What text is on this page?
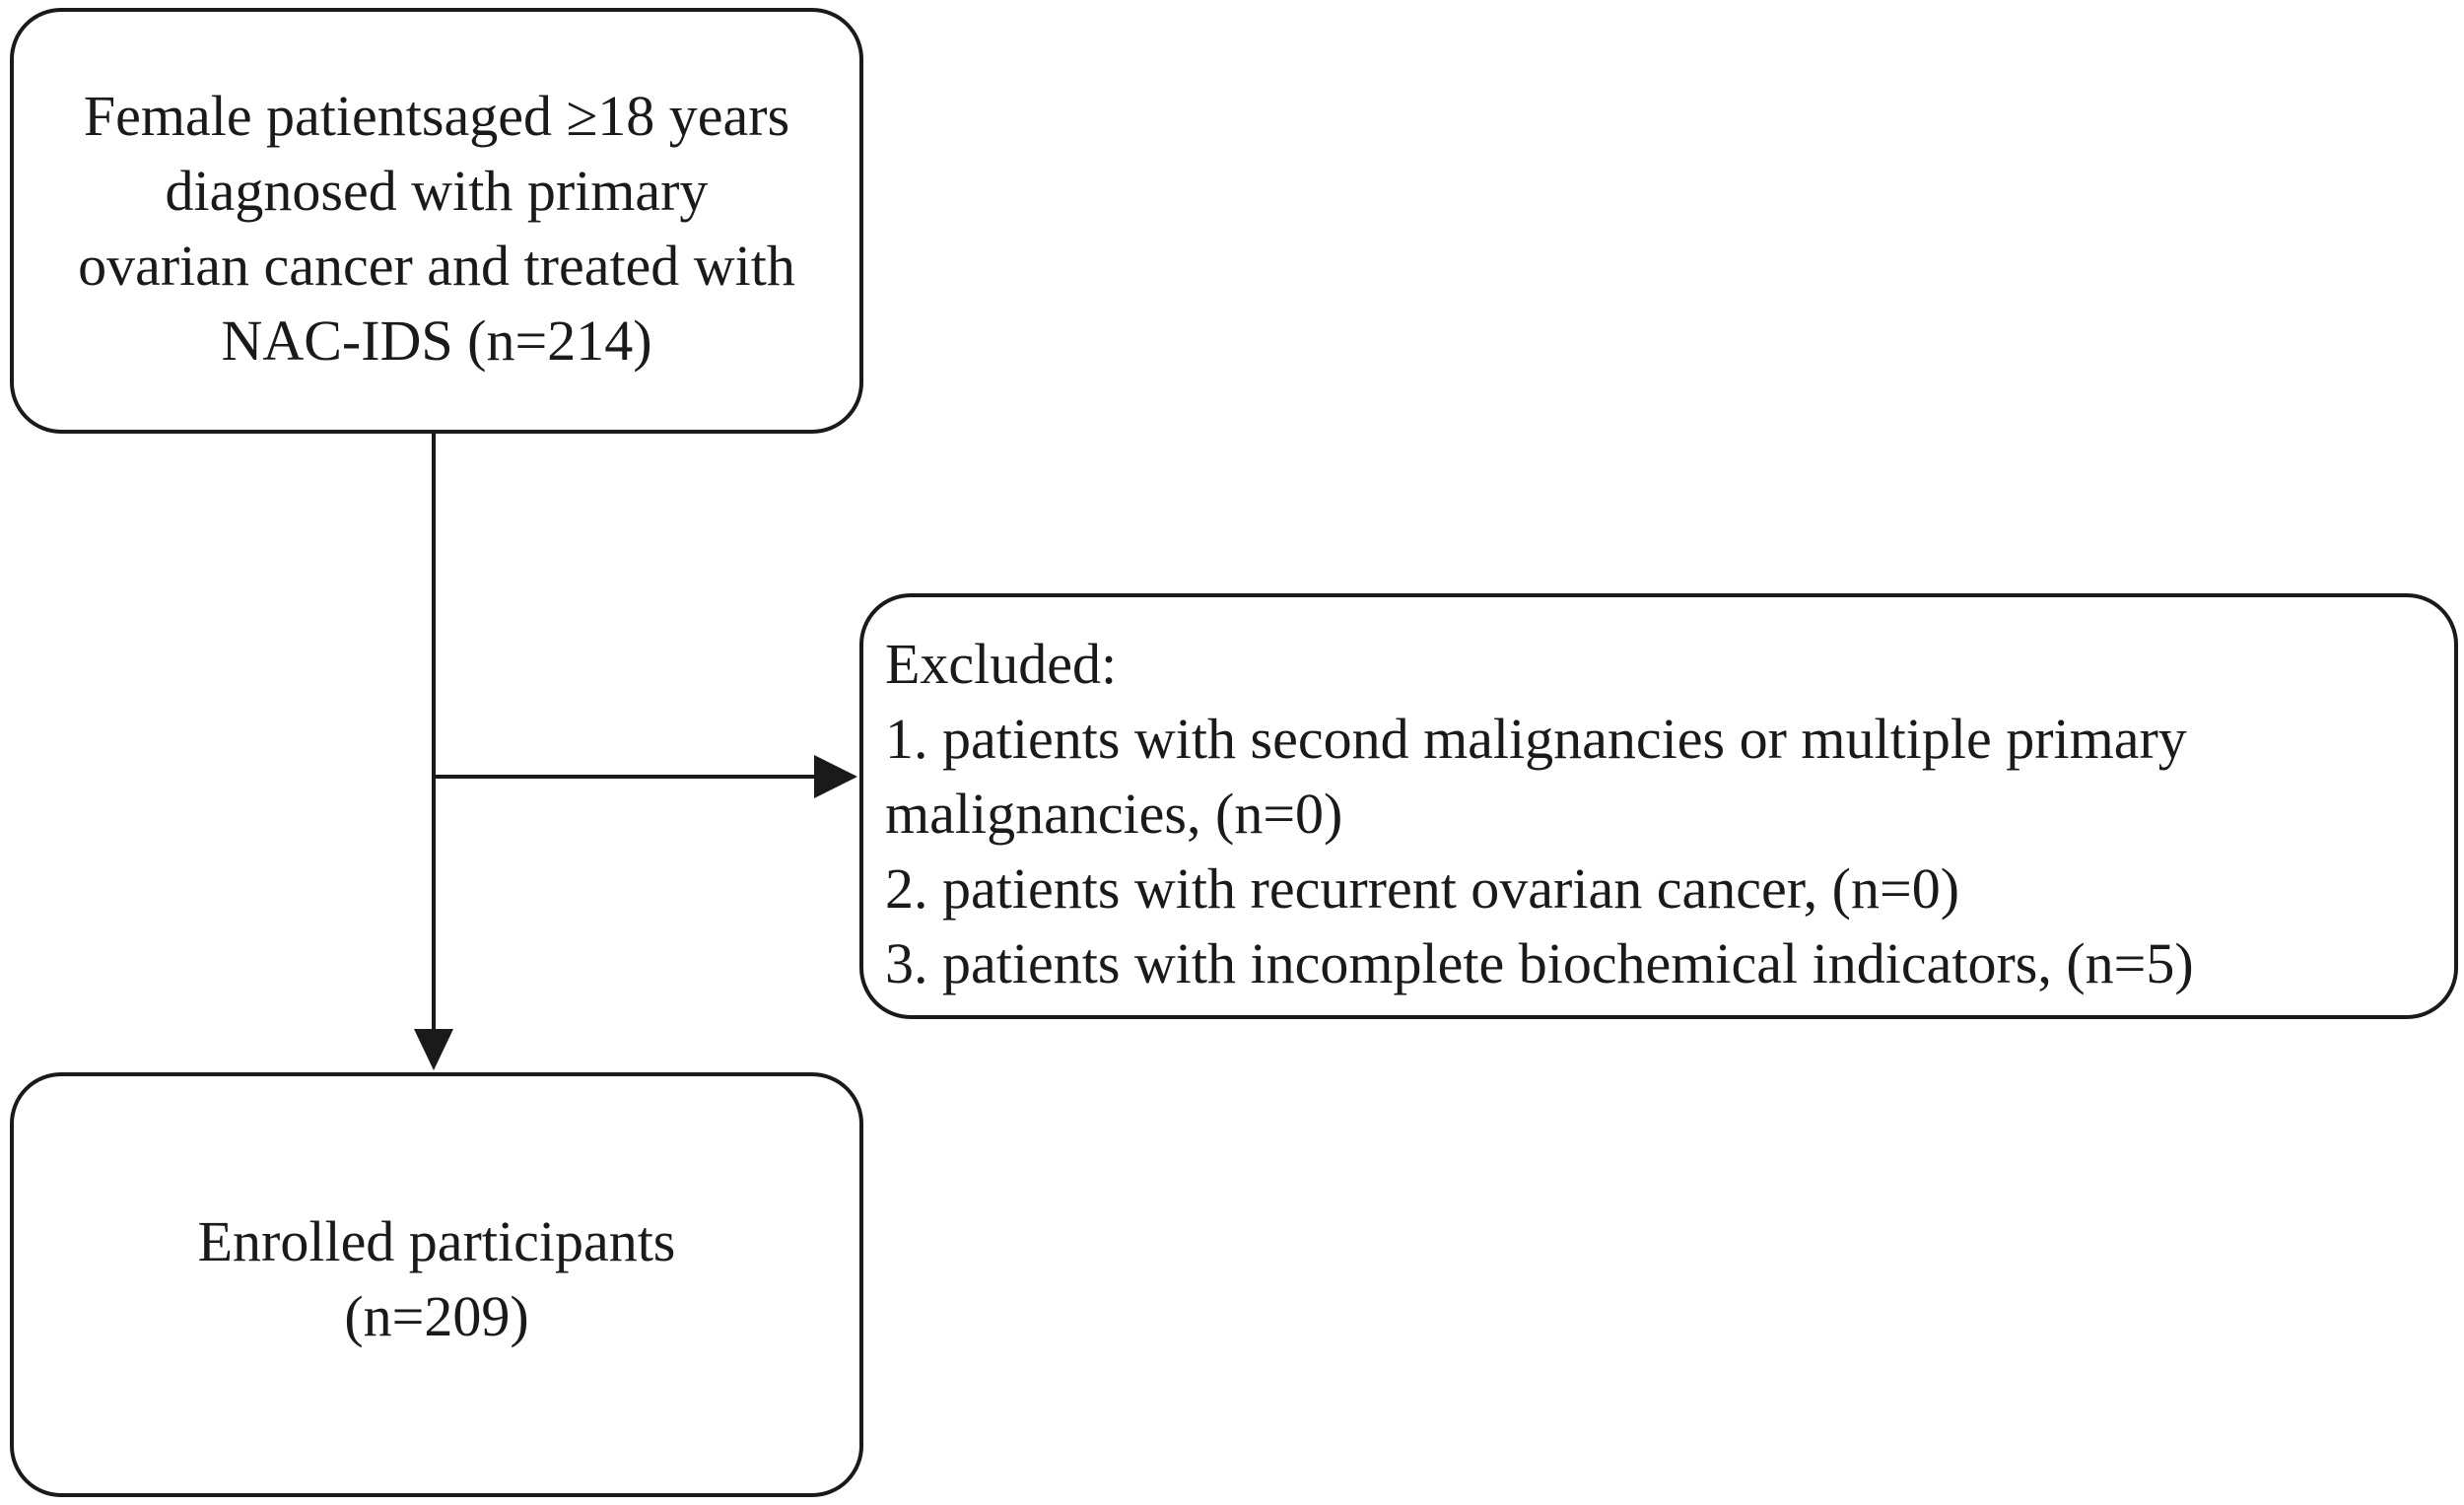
Female patientsaged ≥18 years
diagnosed with primary
ovarian cancer and treated with
NAC-IDS (n=214)
Excluded:
1. patients with second malignancies or multiple primary
malignancies, (n=0)
2. patients with recurrent ovarian cancer, (n=0)
3. patients with incomplete biochemical indicators, (n=5)
Enrolled participants
(n=209)
